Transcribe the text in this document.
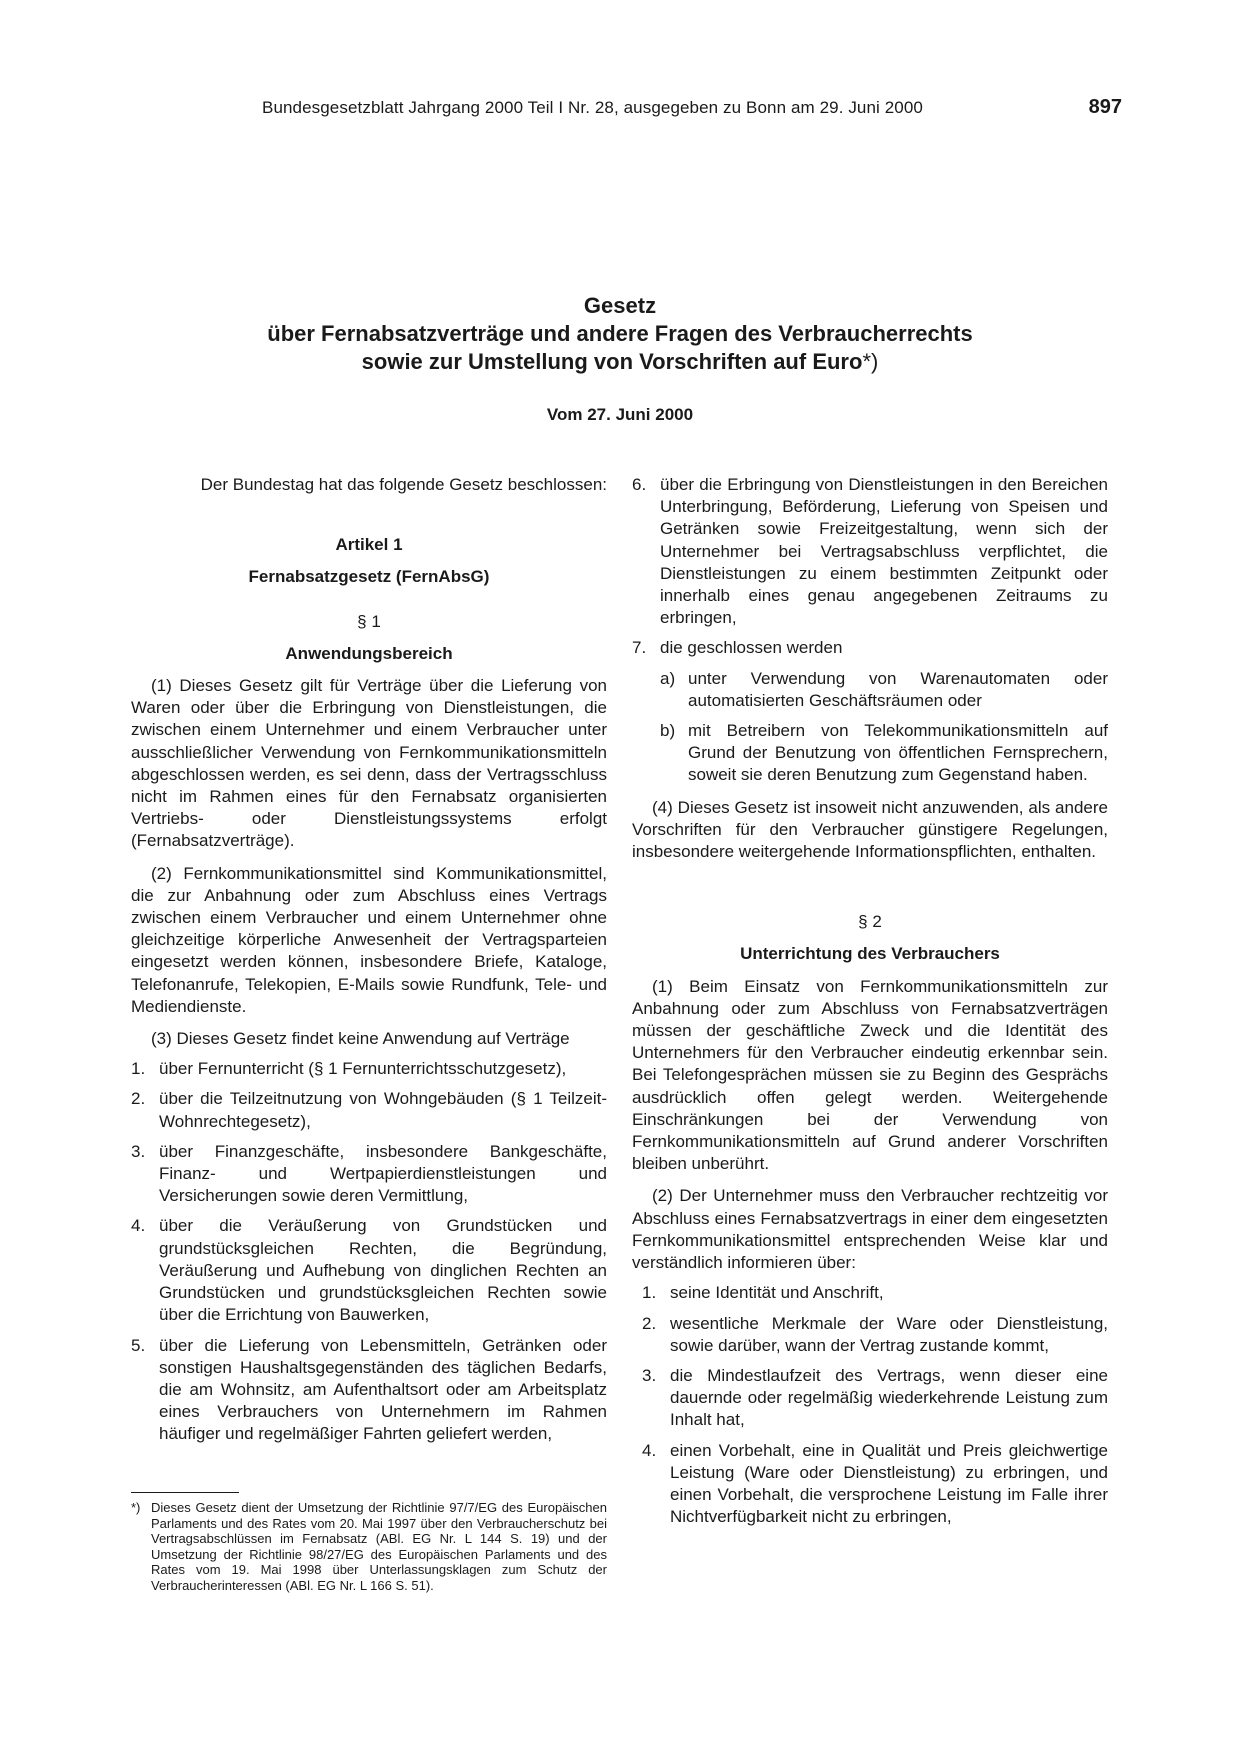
Bundesgesetzblatt Jahrgang 2000 Teil I Nr. 28, ausgegeben zu Bonn am 29. Juni 2000	897
Gesetz
über Fernabsatzverträge und andere Fragen des Verbraucherrechts
sowie zur Umstellung von Vorschriften auf Euro*)
Vom 27. Juni 2000

Der Bundestag hat das folgende Gesetz beschlossen:

Artikel 1

Fernabsatzgesetz (FernAbsG)

§ 1

Anwendungsbereich

(1) Dieses Gesetz gilt für Verträge über die Lieferung von Waren oder über die Erbringung von Dienstleistungen, die zwischen einem Unternehmer und einem Verbraucher unter ausschließlicher Verwendung von Fernkommunikationsmitteln abgeschlossen werden, es sei denn, dass der Vertragsschluss nicht im Rahmen eines für den Fernabsatz organisierten Vertriebs- oder Dienstleistungssystems erfolgt (Fernabsatzverträge).

(2) Fernkommunikationsmittel sind Kommunikationsmittel, die zur Anbahnung oder zum Abschluss eines Vertrags zwischen einem Verbraucher und einem Unternehmer ohne gleichzeitige körperliche Anwesenheit der Vertragsparteien eingesetzt werden können, insbesondere Briefe, Kataloge, Telefonanrufe, Telekopien, E-Mails sowie Rundfunk, Tele- und Mediendienste.

(3) Dieses Gesetz findet keine Anwendung auf Verträge

1. über Fernunterricht (§ 1 Fernunterrichtsschutzgesetz),
2. über die Teilzeitnutzung von Wohngebäuden (§ 1 Teilzeit-Wohnrechtegesetz),
3. über Finanzgeschäfte, insbesondere Bankgeschäfte, Finanz- und Wertpapierdienstleistungen und Versicherungen sowie deren Vermittlung,
4. über die Veräußerung von Grundstücken und grundstücksgleichen Rechten, die Begründung, Veräußerung und Aufhebung von dinglichen Rechten an Grundstücken und grundstücksgleichen Rechten sowie über die Errichtung von Bauwerken,
5. über die Lieferung von Lebensmitteln, Getränken oder sonstigen Haushaltsgegenständen des täglichen Bedarfs, die am Wohnsitz, am Aufenthaltsort oder am Arbeitsplatz eines Verbrauchers von Unternehmern im Rahmen häufiger und regelmäßiger Fahrten geliefert werden,
6. über die Erbringung von Dienstleistungen in den Bereichen Unterbringung, Beförderung, Lieferung von Speisen und Getränken sowie Freizeitgestaltung, wenn sich der Unternehmer bei Vertragsabschluss verpflichtet, die Dienstleistungen zu einem bestimmten Zeitpunkt oder innerhalb eines genau angegebenen Zeitraums zu erbringen,
7. die geschlossen werden
a) unter Verwendung von Warenautomaten oder automatisierten Geschäftsräumen oder
b) mit Betreibern von Telekommunikationsmitteln auf Grund der Benutzung von öffentlichen Fernsprechern, soweit sie deren Benutzung zum Gegenstand haben.

(4) Dieses Gesetz ist insoweit nicht anzuwenden, als andere Vorschriften für den Verbraucher günstigere Regelungen, insbesondere weitergehende Informationspflichten, enthalten.

§ 2

Unterrichtung des Verbrauchers

(1) Beim Einsatz von Fernkommunikationsmitteln zur Anbahnung oder zum Abschluss von Fernabsatzverträgen müssen der geschäftliche Zweck und die Identität des Unternehmers für den Verbraucher eindeutig erkennbar sein. Bei Telefongesprächen müssen sie zu Beginn des Gesprächs ausdrücklich offen gelegt werden. Weitergehende Einschränkungen bei der Verwendung von Fernkommunikationsmitteln auf Grund anderer Vorschriften bleiben unberührt.

(2) Der Unternehmer muss den Verbraucher rechtzeitig vor Abschluss eines Fernabsatzvertrags in einer dem eingesetzten Fernkommunikationsmittel entsprechenden Weise klar und verständlich informieren über:

1. seine Identität und Anschrift,
2. wesentliche Merkmale der Ware oder Dienstleistung, sowie darüber, wann der Vertrag zustande kommt,
3. die Mindestlaufzeit des Vertrags, wenn dieser eine dauernde oder regelmäßig wiederkehrende Leistung zum Inhalt hat,
4. einen Vorbehalt, eine in Qualität und Preis gleichwertige Leistung (Ware oder Dienstleistung) zu erbringen, und einen Vorbehalt, die versprochene Leistung im Falle ihrer Nichtverfügbarkeit nicht zu erbringen,
*) Dieses Gesetz dient der Umsetzung der Richtlinie 97/7/EG des Europäischen Parlaments und des Rates vom 20. Mai 1997 über den Verbraucherschutz bei Vertragsabschlüssen im Fernabsatz (ABl. EG Nr. L 144 S. 19) und der Umsetzung der Richtlinie 98/27/EG des Europäischen Parlaments und des Rates vom 19. Mai 1998 über Unterlassungsklagen zum Schutz der Verbraucherinteressen (ABl. EG Nr. L 166 S. 51).
